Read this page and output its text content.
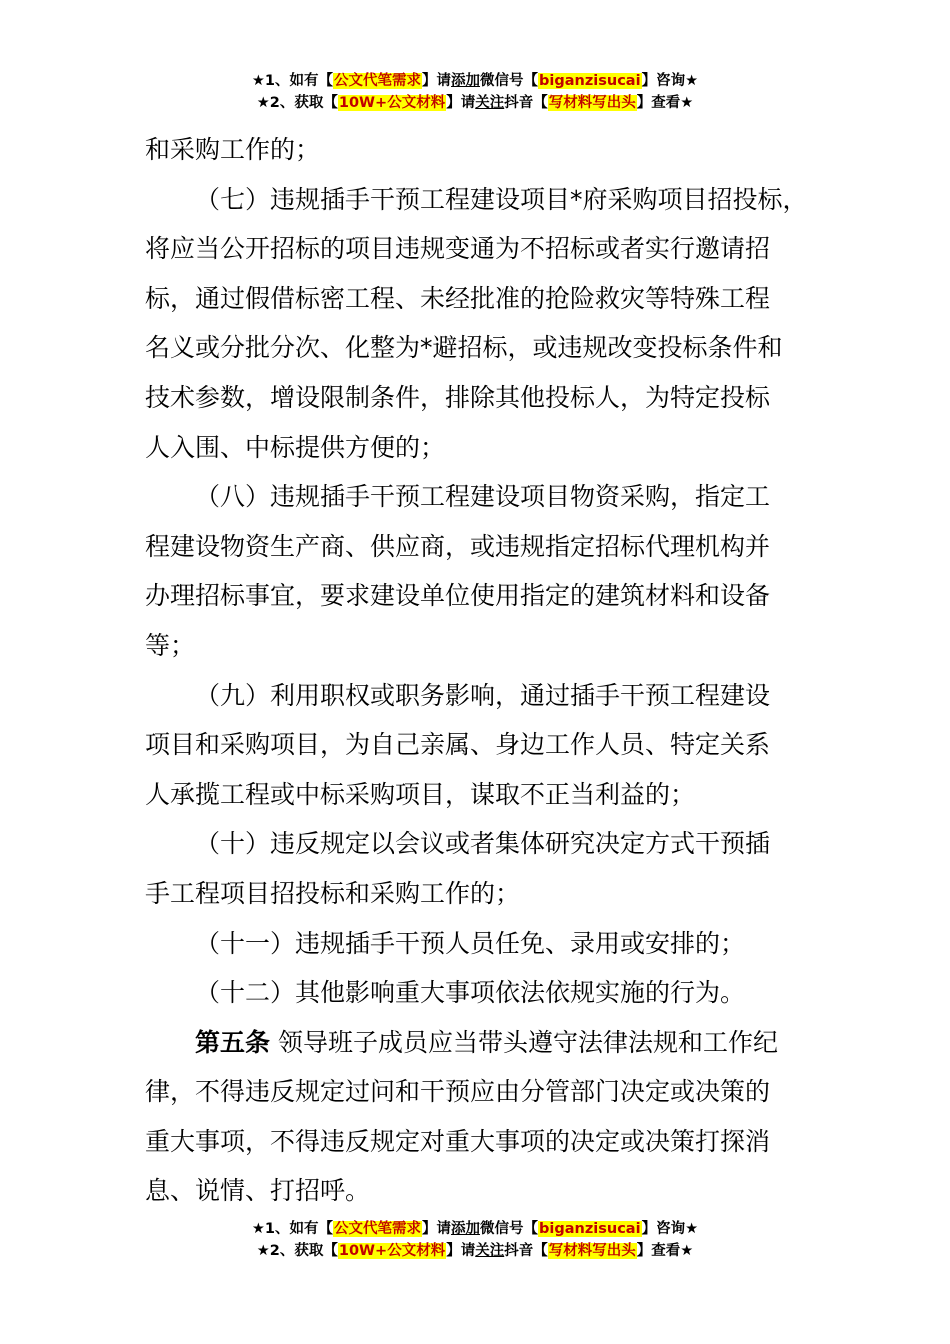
★1、如有【公文代笔需求】请添加微信号【biganzisucai】咨询★
★2、获取【10W+公文材料】请关注抖音【写材料写出头】查看★

和采购工作的；

（七）违规插手干预工程建设项目*府采购项目招投标，

将应当公开招标的项目违规变通为不招标或者实行邀请招

标，通过假借标密工程、未经批准的抢险救灾等特殊工程

名义或分批分次、化整为*避招标，或违规改变投标条件和

技术参数，增设限制条件，排除其他投标人，为特定投标

人入围、中标提供方便的；

（八）违规插手干预工程建设项目物资采购，指定工

程建设物资生产商、供应商，或违规指定招标代理机构并

办理招标事宜，要求建设单位使用指定的建筑材料和设备

等；

（九）利用职权或职务影响，通过插手干预工程建设

项目和采购项目，为自己亲属、身边工作人员、特定关系

人承揽工程或中标采购项目，谋取不正当利益的；

（十）违反规定以会议或者集体研究决定方式干预插

手工程项目招投标和采购工作的；

（十一）违规插手干预人员任免、录用或安排的；

（十二）其他影响重大事项依法依规实施的行为。

第五条 领导班子成员应当带头遵守法律法规和工作纪

律，不得违反规定过问和干预应由分管部门决定或决策的

重大事项，不得违反规定对重大事项的决定或决策打探消

息、说情、打招呼。

★1、如有【公文代笔需求】请添加微信号【biganzisucai】咨询★
★2、获取【10W+公文材料】请关注抖音【写材料写出头】查看★
